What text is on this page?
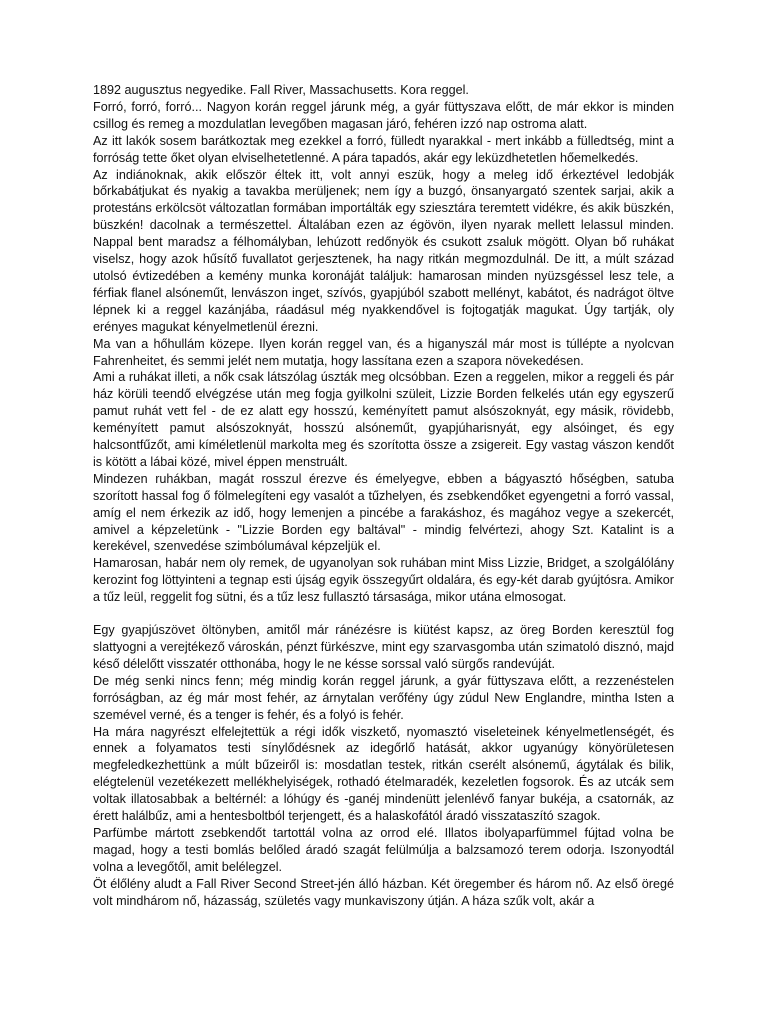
1892 augusztus negyedike. Fall River, Massachusetts. Kora reggel.

Forró, forró, forró... Nagyon korán reggel járunk még, a gyár füttyszava előtt, de már ekkor is minden csillog és remeg a mozdulatlan levegőben magasan járó, fehéren izzó nap ostroma alatt.

Az itt lakók sosem barátkoztak meg ezekkel a forró, fülledt nyarakkal - mert inkább a fülledtség, mint a forróság tette őket olyan elviselhetetlenné. A pára tapadós, akár egy leküzdhetetlen hőemelkedés.

Az indiánoknak, akik először éltek itt, volt annyi eszük, hogy a meleg idő érkeztével ledobják bőrkabátjukat és nyakig a tavakba merüljenek; nem így a buzgó, önsanyargató szentek sarjai, akik a protestáns erkölcsöt változatlan formában importálták egy sziesztára teremtett vidékre, és akik büszkén, büszkén! dacolnak a természettel. Általában ezen az égövön, ilyen nyarak mellett lelassul minden. Nappal bent maradsz a félhomályban, lehúzott redőnyök és csukott zsaluk mögött. Olyan bő ruhákat viselsz, hogy azok hűsítő fuvallatot gerjesztenek, ha nagy ritkán megmozdulnál. De itt, a múlt század utolsó évtizedében a kemény munka koronáját találjuk: hamarosan minden nyüzsgéssel lesz tele, a férfiak flanel alsóneműt, lenvászon inget, szívós, gyapjúból szabott mellényt, kabátot, és nadrágot öltve lépnek ki a reggel kazánjába, ráadásul még nyakkendővel is fojtogatják magukat. Úgy tartják, oly erényes magukat kényelmetlenül érezni.

Ma van a hőhullám közepe. Ilyen korán reggel van, és a higanyszál már most is túllépte a nyolcvan Fahrenheitet, és semmi jelét nem mutatja, hogy lassítana ezen a szapora növekedésen.

Ami a ruhákat illeti, a nők csak látszólag úszták meg olcsóbban. Ezen a reggelen, mikor a reggeli és pár ház körüli teendő elvégzése után meg fogja gyilkolni szüleit, Lizzie Borden felkelés után egy egyszerű pamut ruhát vett fel - de ez alatt egy hosszú, keményített pamut alsószoknyát, egy másik, rövidebb, keményített pamut alsószoknyát, hosszú alsóneműt, gyapjúharisnyát, egy alsóinget, és egy halcsontfűzőt, ami kíméletlenül markolta meg és szorította össze a zsigereit. Egy vastag vászon kendőt is kötött a lábai közé, mivel éppen menstruált.

Mindezen ruhákban, magát rosszul érezve és émelyegve, ebben a bágyasztó hőségben, satuba szorított hassal fog ő fölmelegíteni egy vasalót a tűzhelyen, és zsebkendőket egyengetni a forró vassal, amíg el nem érkezik az idő, hogy lemenjen a pincébe a farakáshoz, és magához vegye a szekercét, amivel a képzeletünk - "Lizzie Borden egy baltával" - mindig felvértezi, ahogy Szt. Katalint is a kerekével, szenvedése szimbólumával képzeljük el.

Hamarosan, habár nem oly remek, de ugyanolyan sok ruhában mint Miss Lizzie, Bridget, a szolgálólány kerozint fog löttyinteni a tegnap esti újság egyik összegyűrt oldalára, és egy-két darab gyújtósra. Amikor a tűz leül, reggelit fog sütni, és a tűz lesz fullasztó társasága, mikor utána elmosogat.

Egy gyapjúszövet öltönyben, amitől már ránézésre is kiütést kapsz, az öreg Borden keresztül fog slattyogni a verejtékező városkán, pénzt fürkészve, mint egy szarvasgomba után szimatoló disznó, majd késő délelőtt visszatér otthonába, hogy le ne késse sorssal való sürgős randevúját.

De még senki nincs fenn; még mindig korán reggel járunk, a gyár füttyszava előtt, a rezzenéstelen forróságban, az ég már most fehér, az árnytalan verőfény úgy zúdul New Englandre, mintha Isten a szemével verné, és a tenger is fehér, és a folyó is fehér.

Ha mára nagyrészt elfelejtettük a régi idők viszkető, nyomasztó viseleteinek kényelmetlenségét, és ennek a folyamatos testi sínylődésnek az idegőrlő hatását, akkor ugyanúgy könyörületesen megfeledkezhettünk a múlt bűzeiről is: mosdatlan testek, ritkán cserélt alsónemű, ágytálak és bilik, elégtelenül vezetékezett mellékhelyiségek, rothadó ételmaradék, kezeletlen fogsorok. És az utcák sem voltak illatosabbak a beltérnél: a lóhúgy és -ganéj mindenütt jelenlévő fanyar bukéja, a csatornák, az érett halálbűz, ami a hentesboltból terjengett, és a halaskofától áradó visszataszító szagok.

Parfümbe mártott zsebkendőt tartottál volna az orrod elé. Illatos ibolyaparfümmel fújtad volna be magad, hogy a testi bomlás belőled áradó szagát felülmúlja a balzsamozó terem odorja. Iszonyodtál volna a levegőtől, amit belélegzel.

Öt élőlény aludt a Fall River Second Street-jén álló házban. Két öregember és három nő. Az első öregé volt mindhárom nő, házasság, születés vagy munkaviszony útján. A háza szűk volt, akár a
